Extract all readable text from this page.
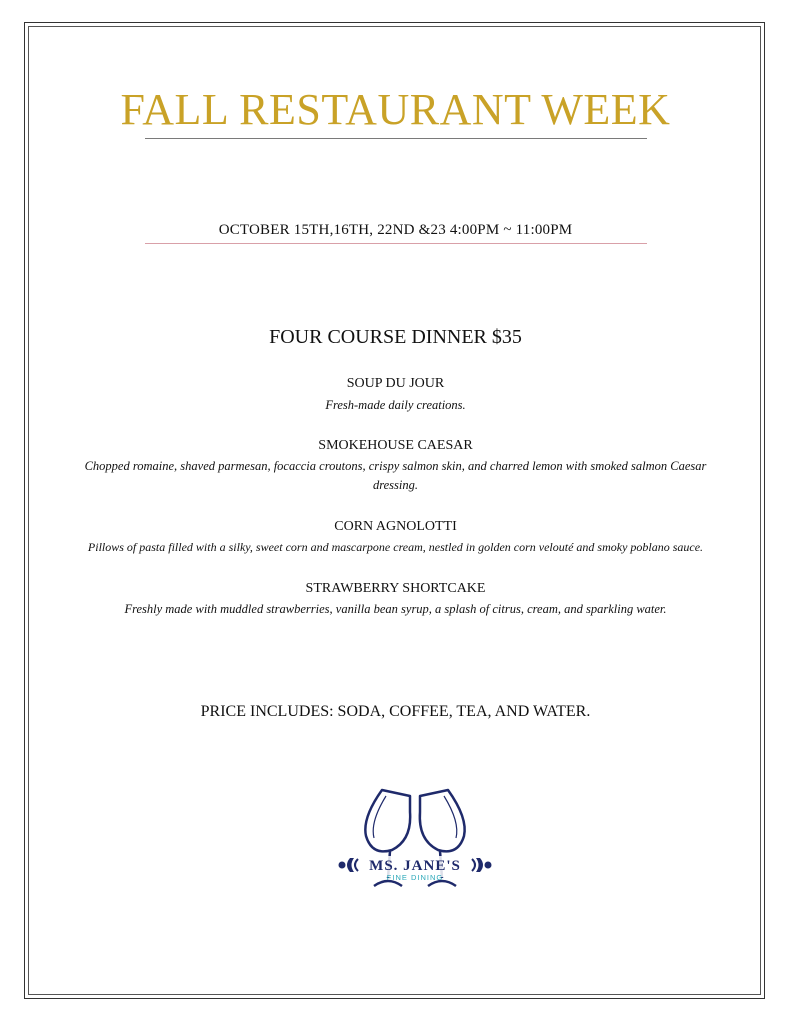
FALL RESTAURANT WEEK
OCTOBER 15TH,16TH, 22ND &23 4:00PM ~ 11:00PM
FOUR COURSE DINNER $35
SOUP DU JOUR
Fresh-made daily creations.
SMOKEHOUSE CAESAR
Chopped romaine, shaved parmesan, focaccia croutons, crispy salmon skin, and charred lemon with smoked salmon Caesar dressing.
CORN AGNOLOTTI
Pillows of pasta filled with a silky, sweet corn and mascarpone cream, nestled in golden corn velouté and smoky poblano sauce.
STRAWBERRY SHORTCAKE
Freshly made with muddled strawberries, vanilla bean syrup, a splash of citrus, cream, and sparkling water.
PRICE INCLUDES: SODA, COFFEE, TEA, AND WATER.
MS. JANE'S
FINE DINING
